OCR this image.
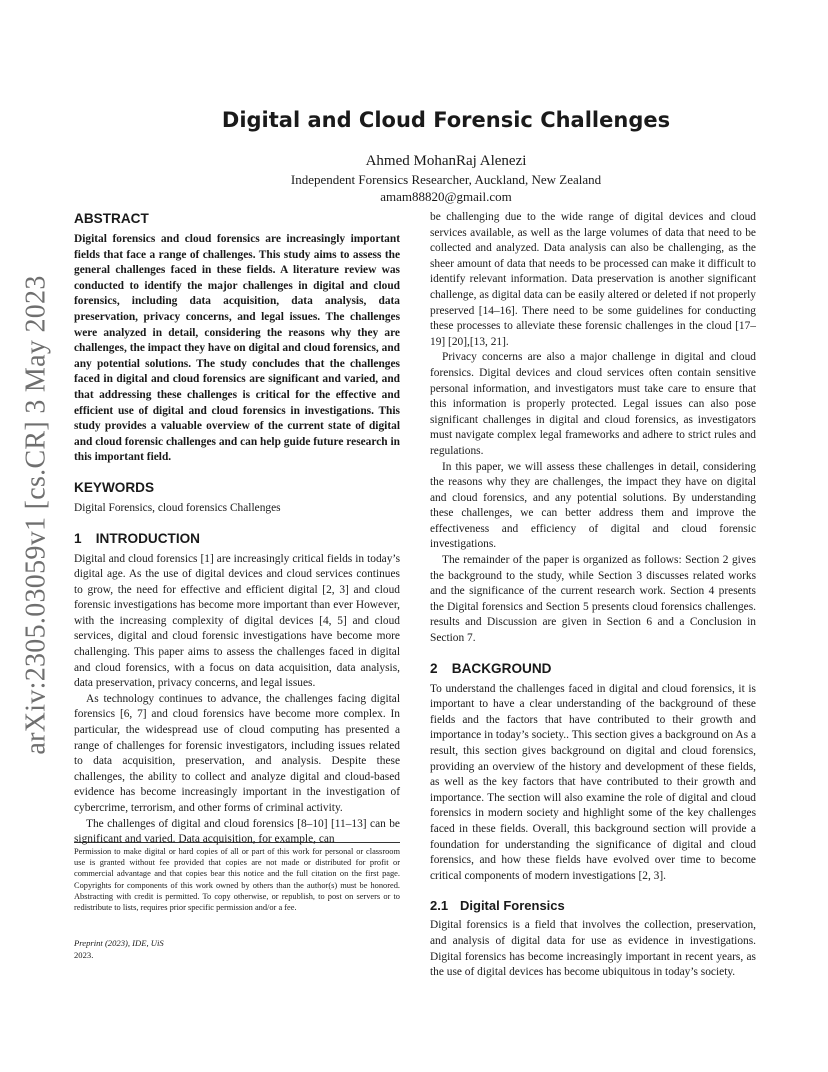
arXiv:2305.03059v1 [cs.CR] 3 May 2023
Digital and Cloud Forensic Challenges
Ahmed MohanRaj Alenezi
Independent Forensics Researcher, Auckland, New Zealand
amam88820@gmail.com
ABSTRACT

Digital forensics and cloud forensics are increasingly important fields that face a range of challenges. This study aims to assess the general challenges faced in these fields. A literature review was conducted to identify the major challenges in digital and cloud forensics, including data acquisition, data analysis, data preservation, privacy concerns, and legal issues. The challenges were analyzed in detail, considering the reasons why they are challenges, the impact they have on digital and cloud forensics, and any potential solutions. The study concludes that the challenges faced in digital and cloud forensics are significant and varied, and that addressing these challenges is critical for the effective and efficient use of digital and cloud forensics in investigations. This study provides a valuable overview of the current state of digital and cloud forensic challenges and can help guide future research in this important field.

KEYWORDS

Digital Forensics, cloud forensics Challenges

1 INTRODUCTION

Digital and cloud forensics [1] are increasingly critical fields in today’s digital age. As the use of digital devices and cloud services continues to grow, the need for effective and efficient digital [2, 3] and cloud forensic investigations has become more important than ever However, with the increasing complexity of digital devices [4, 5] and cloud services, digital and cloud forensic investigations have become more challenging. This paper aims to assess the challenges faced in digital and cloud forensics, with a focus on data acquisition, data analysis, data preservation, privacy concerns, and legal issues.

As technology continues to advance, the challenges facing digital forensics [6, 7] and cloud forensics have become more complex. In particular, the widespread use of cloud computing has presented a range of challenges for forensic investigators, including issues related to data acquisition, preservation, and analysis. Despite these challenges, the ability to collect and analyze digital and cloud-based evidence has become increasingly important in the investigation of cybercrime, terrorism, and other forms of criminal activity.

The challenges of digital and cloud forensics [8–10] [11–13] can be significant and varied. Data acquisition, for example, can

Permission to make digital or hard copies of all or part of this work for personal or classroom use is granted without fee provided that copies are not made or distributed for profit or commercial advantage and that copies bear this notice and the full citation on the first page. Copyrights for components of this work owned by others than the author(s) must be honored. Abstracting with credit is permitted. To copy otherwise, or republish, to post on servers or to redistribute to lists, requires prior specific permission and/or a fee.

Preprint (2023), IDE, UiS

2023.

be challenging due to the wide range of digital devices and cloud services available, as well as the large volumes of data that need to be collected and analyzed. Data analysis can also be challenging, as the sheer amount of data that needs to be processed can make it difficult to identify relevant information. Data preservation is another significant challenge, as digital data can be easily altered or deleted if not properly preserved [14–16]. There need to be some guidelines for conducting these processes to alleviate these forensic challenges in the cloud [17–19] [20],[13, 21].

Privacy concerns are also a major challenge in digital and cloud forensics. Digital devices and cloud services often contain sensitive personal information, and investigators must take care to ensure that this information is properly protected. Legal issues can also pose significant challenges in digital and cloud forensics, as investigators must navigate complex legal frameworks and adhere to strict rules and regulations.

In this paper, we will assess these challenges in detail, considering the reasons why they are challenges, the impact they have on digital and cloud forensics, and any potential solutions. By understanding these challenges, we can better address them and improve the effectiveness and efficiency of digital and cloud forensic investigations.

The remainder of the paper is organized as follows: Section 2 gives the background to the study, while Section 3 discusses related works and the significance of the current research work. Section 4 presents the Digital forensics and Section 5 presents cloud forensics challenges. results and Discussion are given in Section 6 and a Conclusion in Section 7.

2 BACKGROUND

To understand the challenges faced in digital and cloud forensics, it is important to have a clear understanding of the background of these fields and the factors that have contributed to their growth and importance in today’s society.. This section gives a background on As a result, this section gives background on digital and cloud forensics, providing an overview of the history and development of these fields, as well as the key factors that have contributed to their growth and importance. The section will also examine the role of digital and cloud forensics in modern society and highlight some of the key challenges faced in these fields. Overall, this background section will provide a foundation for understanding the significance of digital and cloud forensics, and how these fields have evolved over time to become critical components of modern investigations [2, 3].

2.1 Digital Forensics

Digital forensics is a field that involves the collection, preservation, and analysis of digital data for use as evidence in investigations. Digital forensics has become increasingly important in recent years, as the use of digital devices has become ubiquitous in today’s society.
